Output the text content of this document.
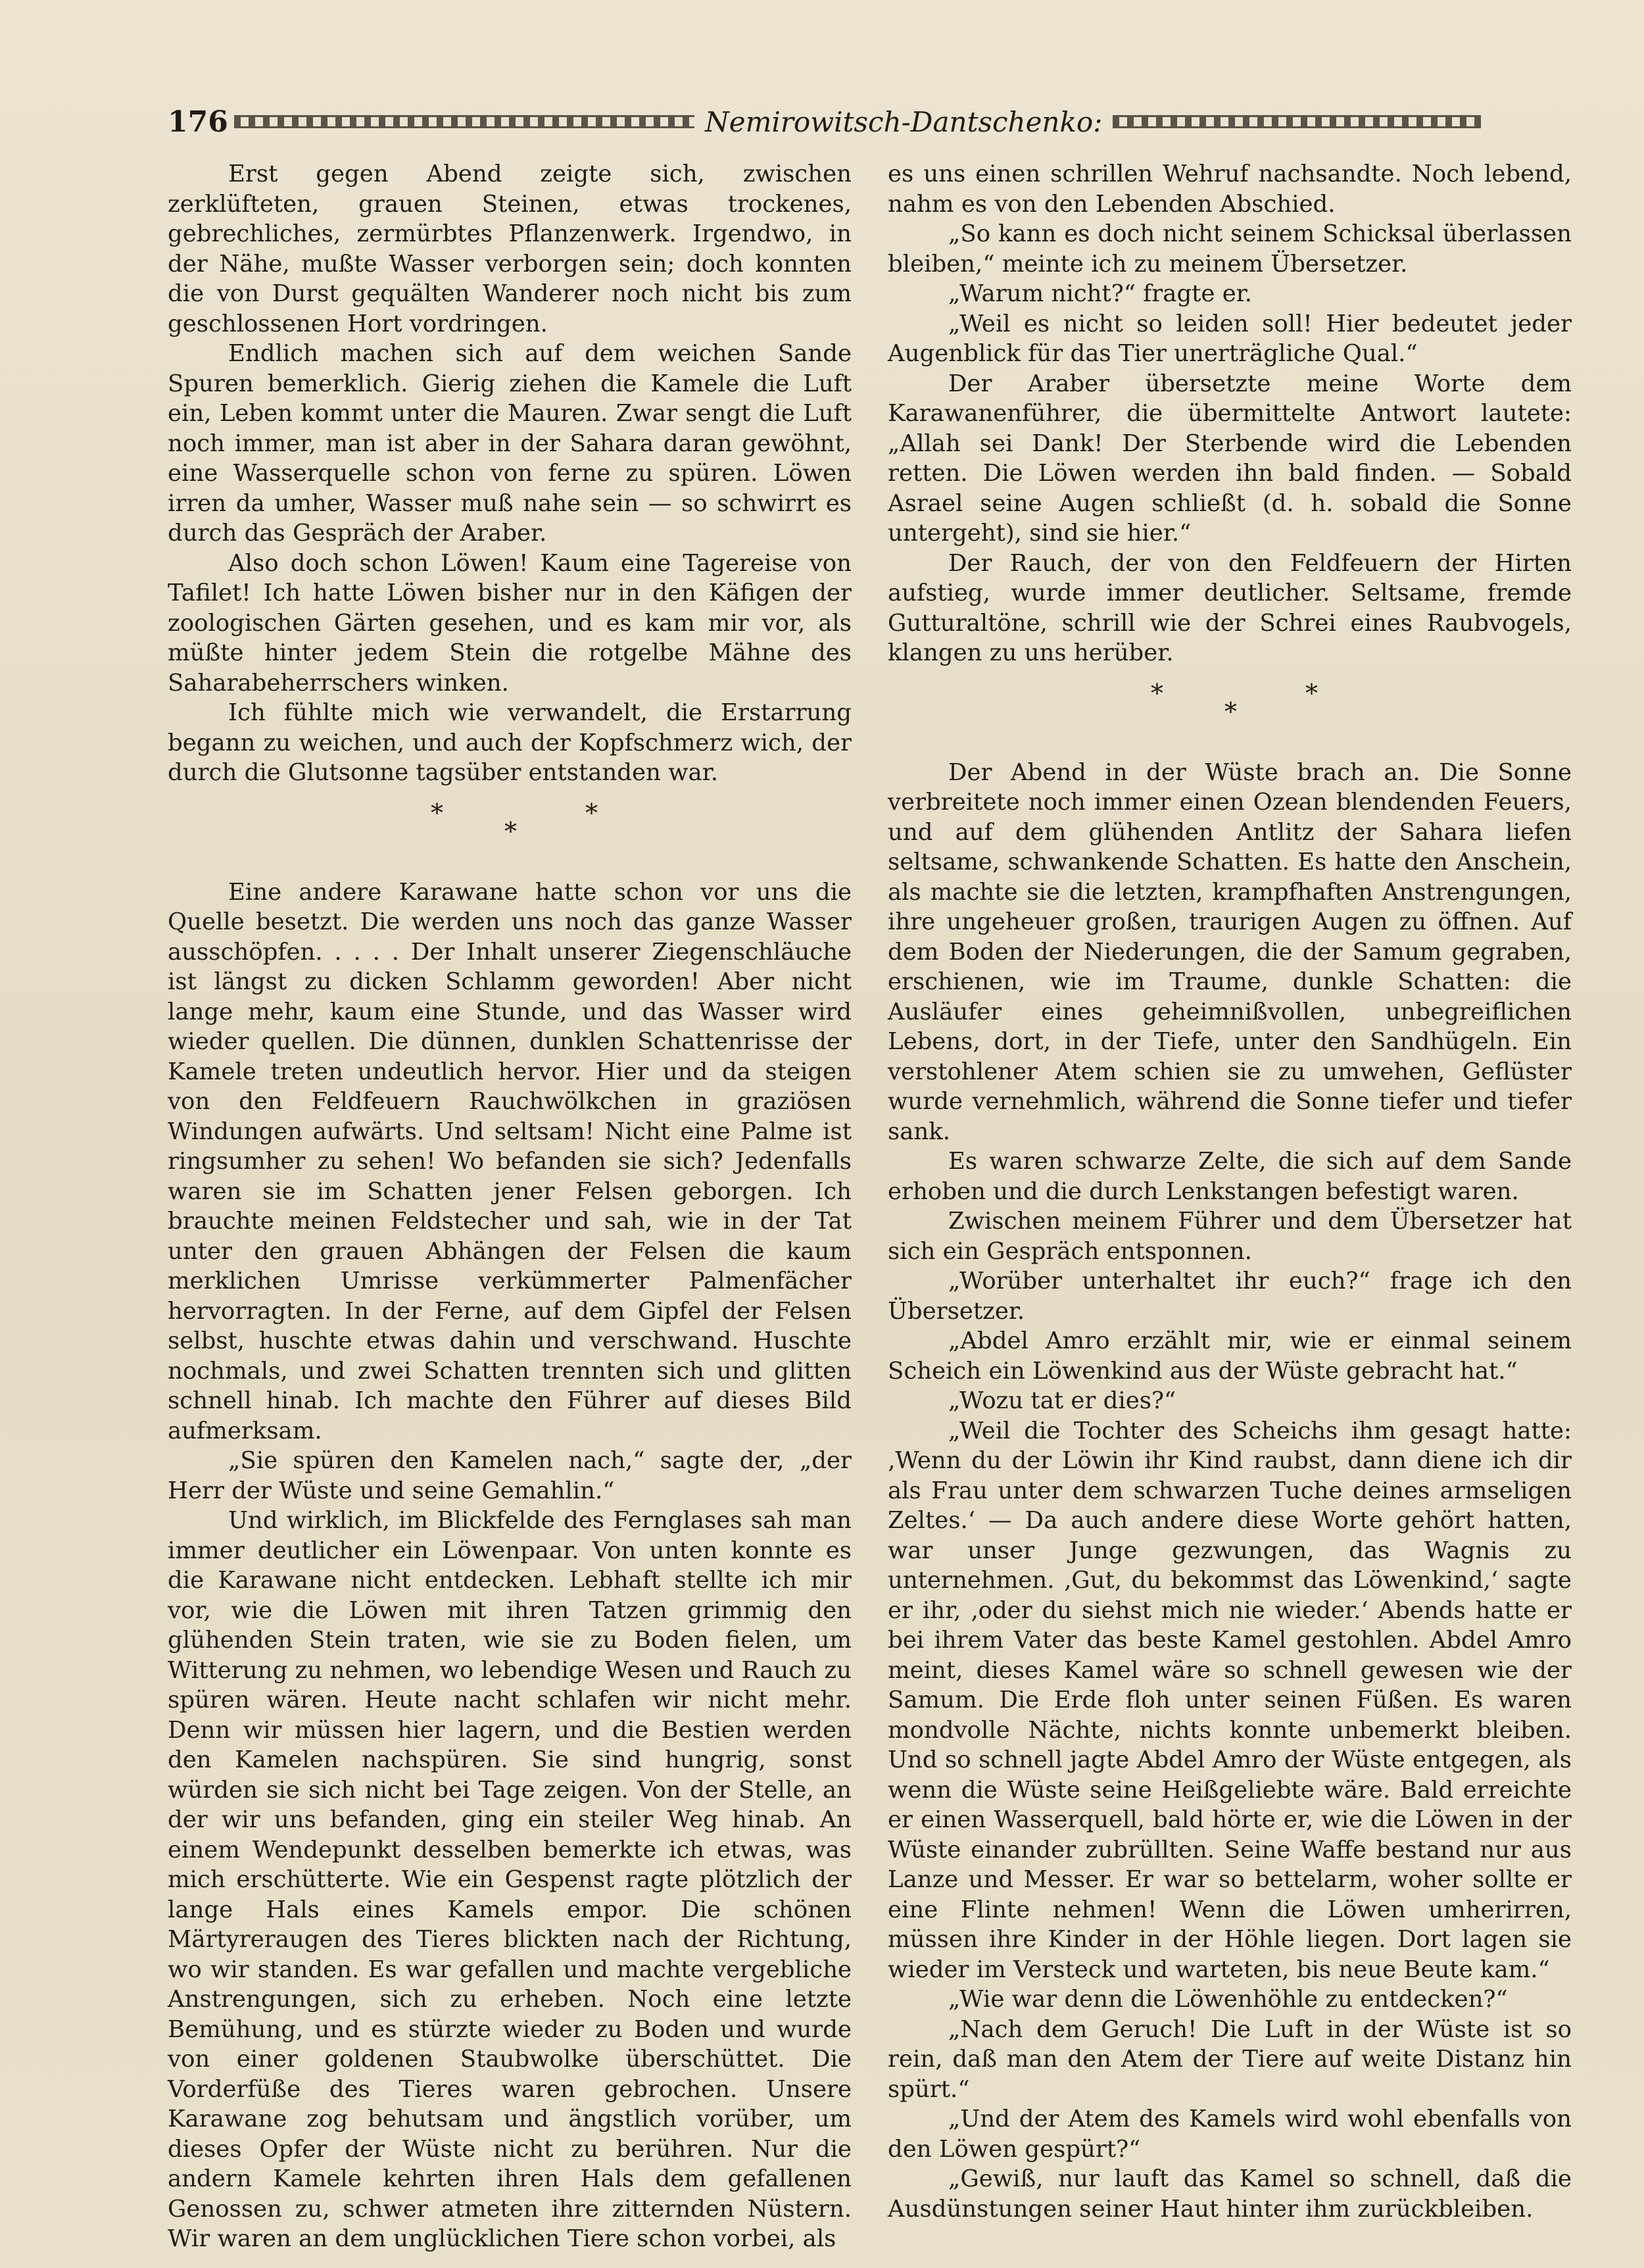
176	Nemirowitsch-Dantschenko:

Erst gegen Abend zeigte sich, zwischen zerklüfteten, grauen Steinen, etwas trockenes, gebrechliches, zermürbtes Pflanzenwerk. Irgendwo, in der Nähe, mußte Wasser verborgen sein; doch konnten die von Durst gequälten Wanderer noch nicht bis zum geschlossenen Hort vordringen.

Endlich machen sich auf dem weichen Sande Spuren bemerklich. Gierig ziehen die Kamele die Luft ein, Leben kommt unter die Mauren. Zwar sengt die Luft noch immer, man ist aber in der Sahara daran gewöhnt, eine Wasserquelle schon von ferne zu spüren. Löwen irren da umher, Wasser muß nahe sein — so schwirrt es durch das Gespräch der Araber.

Also doch schon Löwen! Kaum eine Tagereise von Tafilet! Ich hatte Löwen bisher nur in den Käfigen der zoologischen Gärten gesehen, und es kam mir vor, als müßte hinter jedem Stein die rotgelbe Mähne des Saharabeherrschers winken.

Ich fühlte mich wie verwandelt, die Erstarrung begann zu weichen, und auch der Kopfschmerz wich, der durch die Glutsonne tagsüber entstanden war.

*
*
*

Eine andere Karawane hatte schon vor uns die Quelle besetzt. Die werden uns noch das ganze Wasser ausschöpfen. . . . . Der Inhalt unserer Ziegenschläuche ist längst zu dicken Schlamm geworden! Aber nicht lange mehr, kaum eine Stunde, und das Wasser wird wieder quellen. Die dünnen, dunklen Schattenrisse der Kamele treten undeutlich hervor. Hier und da steigen von den Feldfeuern Rauchwölkchen in graziösen Windungen aufwärts. Und seltsam! Nicht eine Palme ist ringsumher zu sehen! Wo befanden sie sich? Jedenfalls waren sie im Schatten jener Felsen geborgen. Ich brauchte meinen Feldstecher und sah, wie in der Tat unter den grauen Abhängen der Felsen die kaum merklichen Umrisse verkümmerter Palmenfächer hervorragten. In der Ferne, auf dem Gipfel der Felsen selbst, huschte etwas dahin und verschwand. Huschte nochmals, und zwei Schatten trennten sich und glitten schnell hinab. Ich machte den Führer auf dieses Bild aufmerksam.

„Sie spüren den Kamelen nach,“ sagte der, „der Herr der Wüste und seine Gemahlin.“

Und wirklich, im Blickfelde des Fernglases sah man immer deutlicher ein Löwenpaar. Von unten konnte es die Karawane nicht entdecken. Lebhaft stellte ich mir vor, wie die Löwen mit ihren Tatzen grimmig den glühenden Stein traten, wie sie zu Boden fielen, um Witterung zu nehmen, wo lebendige Wesen und Rauch zu spüren wären. Heute nacht schlafen wir nicht mehr. Denn wir müssen hier lagern, und die Bestien werden den Kamelen nachspüren. Sie sind hungrig, sonst würden sie sich nicht bei Tage zeigen. Von der Stelle, an der wir uns befanden, ging ein steiler Weg hinab. An einem Wendepunkt desselben bemerkte ich etwas, was mich erschütterte. Wie ein Gespenst ragte plötzlich der lange Hals eines Kamels empor. Die schönen Märtyreraugen des Tieres blickten nach der Richtung, wo wir standen. Es war gefallen und machte vergebliche Anstrengungen, sich zu erheben. Noch eine letzte Bemühung, und es stürzte wieder zu Boden und wurde von einer goldenen Staubwolke überschüttet. Die Vorderfüße des Tieres waren gebrochen. Unsere Karawane zog behutsam und ängstlich vorüber, um dieses Opfer der Wüste nicht zu berühren. Nur die andern Kamele kehrten ihren Hals dem gefallenen Genossen zu, schwer atmeten ihre zitternden Nüstern. Wir waren an dem unglücklichen Tiere schon vorbei, als

es uns einen schrillen Wehruf nachsandte. Noch lebend, nahm es von den Lebenden Abschied.

„So kann es doch nicht seinem Schicksal überlassen bleiben,“ meinte ich zu meinem Übersetzer.

„Warum nicht?“ fragte er.

„Weil es nicht so leiden soll! Hier bedeutet jeder Augenblick für das Tier unerträgliche Qual.“

Der Araber übersetzte meine Worte dem Karawanenführer, die übermittelte Antwort lautete: „Allah sei Dank! Der Sterbende wird die Lebenden retten. Die Löwen werden ihn bald finden. — Sobald Asrael seine Augen schließt (d. h. sobald die Sonne untergeht), sind sie hier.“

Der Rauch, der von den Feldfeuern der Hirten aufstieg, wurde immer deutlicher. Seltsame, fremde Gutturaltöne, schrill wie der Schrei eines Raubvogels, klangen zu uns herüber.

*
*
*

Der Abend in der Wüste brach an. Die Sonne verbreitete noch immer einen Ozean blendenden Feuers, und auf dem glühenden Antlitz der Sahara liefen seltsame, schwankende Schatten. Es hatte den Anschein, als machte sie die letzten, krampfhaften Anstrengungen, ihre ungeheuer großen, traurigen Augen zu öffnen. Auf dem Boden der Niederungen, die der Samum gegraben, erschienen, wie im Traume, dunkle Schatten: die Ausläufer eines geheimnißvollen, unbegreiflichen Lebens, dort, in der Tiefe, unter den Sandhügeln. Ein verstohlener Atem schien sie zu umwehen, Geflüster wurde vernehmlich, während die Sonne tiefer und tiefer sank.

Es waren schwarze Zelte, die sich auf dem Sande erhoben und die durch Lenkstangen befestigt waren.

Zwischen meinem Führer und dem Übersetzer hat sich ein Gespräch entsponnen.

„Worüber unterhaltet ihr euch?“ frage ich den Übersetzer.

„Abdel Amro erzählt mir, wie er einmal seinem Scheich ein Löwenkind aus der Wüste gebracht hat.“

„Wozu tat er dies?“

„Weil die Tochter des Scheichs ihm gesagt hatte: ‚Wenn du der Löwin ihr Kind raubst, dann diene ich dir als Frau unter dem schwarzen Tuche deines armseligen Zeltes.‘ — Da auch andere diese Worte gehört hatten, war unser Junge gezwungen, das Wagnis zu unternehmen. ‚Gut, du bekommst das Löwenkind,‘ sagte er ihr, ‚oder du siehst mich nie wieder.‘ Abends hatte er bei ihrem Vater das beste Kamel gestohlen. Abdel Amro meint, dieses Kamel wäre so schnell gewesen wie der Samum. Die Erde floh unter seinen Füßen. Es waren mondvolle Nächte, nichts konnte unbemerkt bleiben. Und so schnell jagte Abdel Amro der Wüste entgegen, als wenn die Wüste seine Heißgeliebte wäre. Bald erreichte er einen Wasserquell, bald hörte er, wie die Löwen in der Wüste einander zubrüllten. Seine Waffe bestand nur aus Lanze und Messer. Er war so bettelarm, woher sollte er eine Flinte nehmen! Wenn die Löwen umherirren, müssen ihre Kinder in der Höhle liegen. Dort lagen sie wieder im Versteck und warteten, bis neue Beute kam.“

„Wie war denn die Löwenhöhle zu entdecken?“

„Nach dem Geruch! Die Luft in der Wüste ist so rein, daß man den Atem der Tiere auf weite Distanz hin spürt.“

„Und der Atem des Kamels wird wohl ebenfalls von den Löwen gespürt?“

„Gewiß, nur lauft das Kamel so schnell, daß die Ausdünstungen seiner Haut hinter ihm zurückbleiben.
